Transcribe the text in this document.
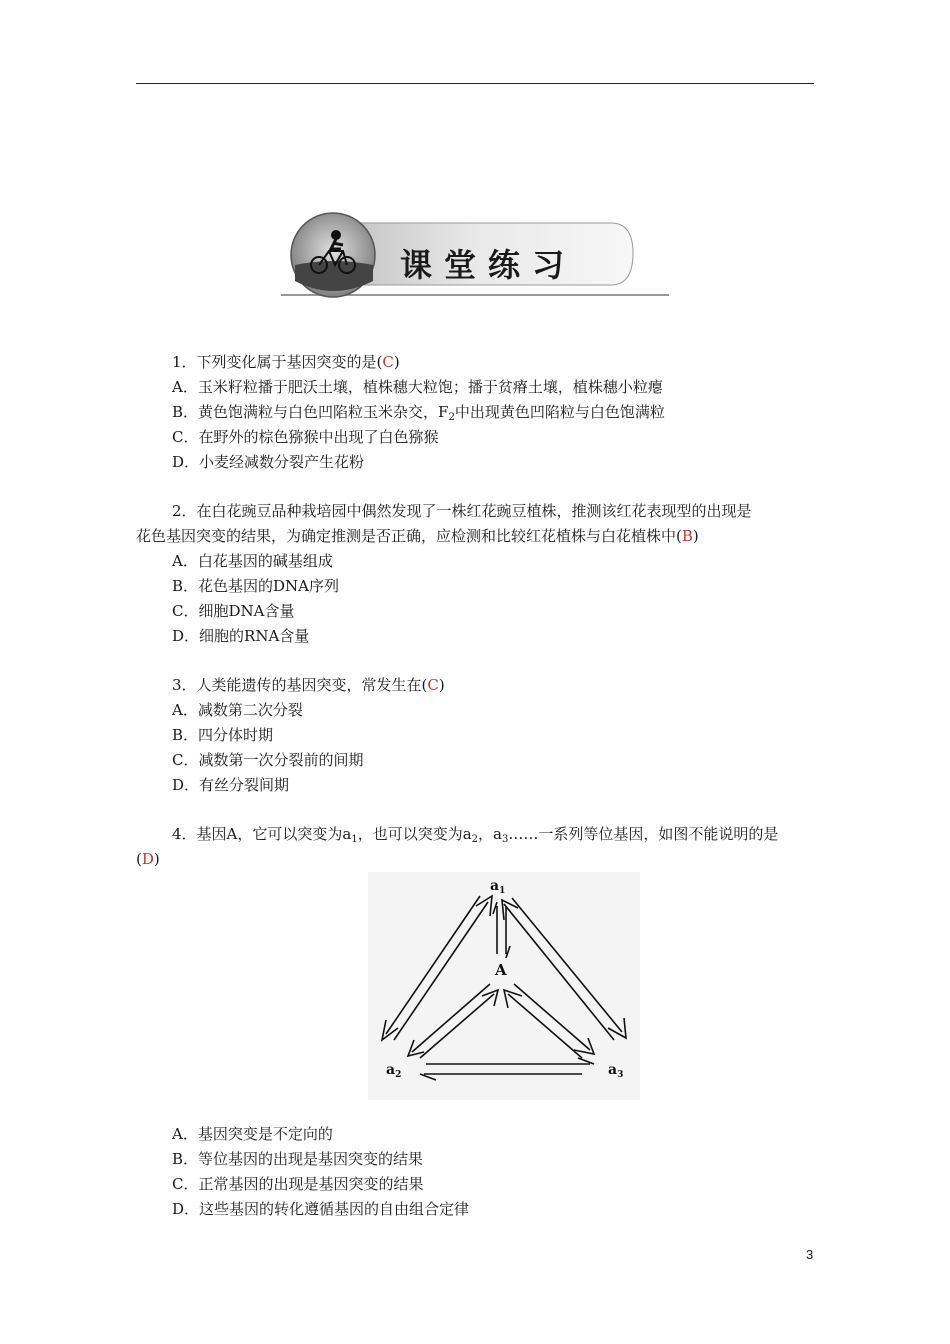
课堂练习
1．下列变化属于基因突变的是(C)
A．玉米籽粒播于肥沃土壤，植株穗大粒饱；播于贫瘠土壤，植株穗小粒瘪
B．黄色饱满粒与白色凹陷粒玉米杂交，$F_2$中出现黄色凹陷粒与白色饱满粒
C．在野外的棕色猕猴中出现了白色猕猴
D．小麦经减数分裂产生花粉
2．在白花豌豆品种栽培园中偶然发现了一株红花豌豆植株，推测该红花表现型的出现是
花色基因突变的结果，为确定推测是否正确，应检测和比较红花植株与白花植株中(B)
A．白花基因的碱基组成
B．花色基因的DNA序列
C．细胞DNA含量
D．细胞的RNA含量
3．人类能遗传的基因突变，常发生在(C)
A．减数第二次分裂
B．四分体时期
C．减数第一次分裂前的间期
D．有丝分裂间期
4．基因A，它可以突变为$a_1$，也可以突变为$a_2$，$a_3\dots\dots$一系列等位基因，如图不能说明的是
(D)
$a_1$
A
$a_2$	$a_3$
A．基因突变是不定向的
B．等位基因的出现是基因突变的结果
C．正常基因的出现是基因突变的结果
D．这些基因的转化遵循基因的自由组合定律
3
